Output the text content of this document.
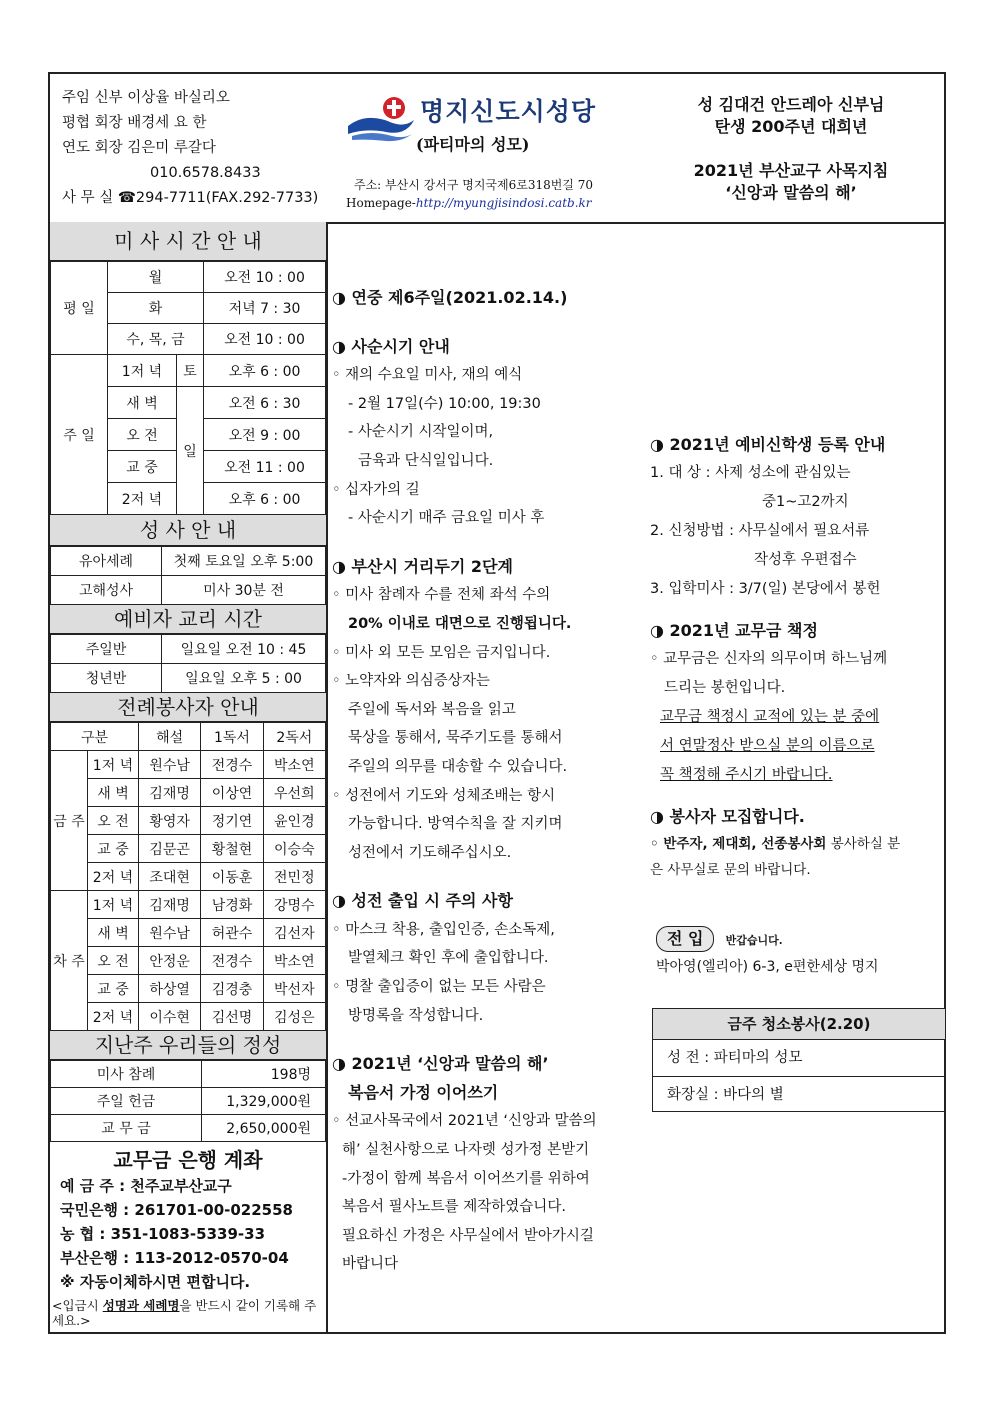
주임 신부 이상율 바실리오
평협 회장 배경세 요 한
연도 회장 김은미 루갈다
010.6578.8433
사 무 실 ☎294-7711(FAX.292-7733)
명지신도시성당
(파티마의 성모)
주소: 부산시 강서구 명지국제6로318번길 70
Homepage-http://myungjisindosi.catb.kr
성 김대건 안드레아 신부님
탄생 200주년 대희년
2021년 부산교구 사목지침
‘신앙과 말씀의 해’
미 사 시 간 안 내
평 일	월		오전 10 : 00
	화		저녁 7 : 30
	수, 목, 금		오전 10 : 00
주 일	1저 녁	토	오후 6 : 00
	새 벽	일	오전 6 : 30
	오 전		오전 9 : 00
	교 중		오전 11 : 00
	2저 녁		오후 6 : 00
성 사 안 내
유아세례	첫째 토요일 오후 5:00
고해성사	미사 30분 전
예비자 교리 시간
주일반	일요일 오전 10 : 45
청년반	일요일 오후 5 : 00
전례봉사자 안내
구분		해설	1독서	2독서
금 주	1저 녁	원수남	전경수	박소연
	새 벽	김재명	이상연	우선희
	오 전	황영자	정기연	윤인경
	교 중	김문곤	황철현	이승숙
	2저 녁	조대현	이동훈	전민정
차 주	1저 녁	김재명	남경화	강명수
	새 벽	원수남	허관수	김선자
	오 전	안정운	전경수	박소연
	교 중	하상열	김경충	박선자
	2저 녁	이수현	김선명	김성은
지난주 우리들의 정성
미사 참례	198명
주일 헌금	1,329,000원
교 무 금	2,650,000원
교무금 은행 계좌
예 금 주 : 천주교부산교구
국민은행 : 261701-00-022558
농 협 : 351-1083-5339-33
부산은행 : 113-2012-0570-04
※ 자동이체하시면 편합니다.
<입금시 성명과 세례명을 반드시 같이 기록해 주세요.>
◑ 연중 제6주일(2021.02.14.)
◑ 사순시기 안내
◦ 재의 수요일 미사, 재의 예식
- 2월 17일(수) 10:00, 19:30
- 사순시기 시작일이며,
금육과 단식일입니다.
◦ 십자가의 길
- 사순시기 매주 금요일 미사 후
◑ 부산시 거리두기 2단계
◦ 미사 참례자 수를 전체 좌석 수의
20% 이내로 대면으로 진행됩니다.
◦ 미사 외 모든 모임은 금지입니다.
◦ 노약자와 의심증상자는
주일에 독서와 복음을 읽고
묵상을 통해서, 묵주기도를 통해서
주일의 의무를 대송할 수 있습니다.
◦ 성전에서 기도와 성체조배는 항시
가능합니다. 방역수칙을 잘 지키며
성전에서 기도해주십시오.
◑ 성전 출입 시 주의 사항
◦ 마스크 착용, 출입인증, 손소독제,
발열체크 확인 후에 출입합니다.
◦ 명찰 출입증이 없는 모든 사람은
방명록을 작성합니다.
◑ 2021년 ‘신앙과 말씀의 해’
복음서 가정 이어쓰기
◦ 선교사목국에서 2021년 ‘신앙과 말씀의
해’ 실천사항으로 나자렛 성가정 본받기
-가정이 함께 복음서 이어쓰기를 위하여
복음서 필사노트를 제작하였습니다.
필요하신 가정은 사무실에서 받아가시길
바랍니다
◑ 2021년 예비신학생 등록 안내
1. 대 상 : 사제 성소에 관심있는
중1~고2까지
2. 신청방법 : 사무실에서 필요서류
작성후 우편접수
3. 입학미사 : 3/7(일) 본당에서 봉헌
◑ 2021년 교무금 책정
◦ 교무금은 신자의 의무이며 하느님께
드리는 봉헌입니다.
교무금 책정시 교적에 있는 분 중에
서 연말정산 받으실 분의 이름으로
꼭 책정해 주시기 바랍니다.
◑ 봉사자 모집합니다.
◦ 반주자, 제대회, 선종봉사회 봉사하실 분
은 사무실로 문의 바랍니다.
전 입 반갑습니다.
박아영(엘리아) 6-3, e편한세상 명지
금주 청소봉사(2.20)
성 전 : 파티마의 성모
화장실 : 바다의 별
